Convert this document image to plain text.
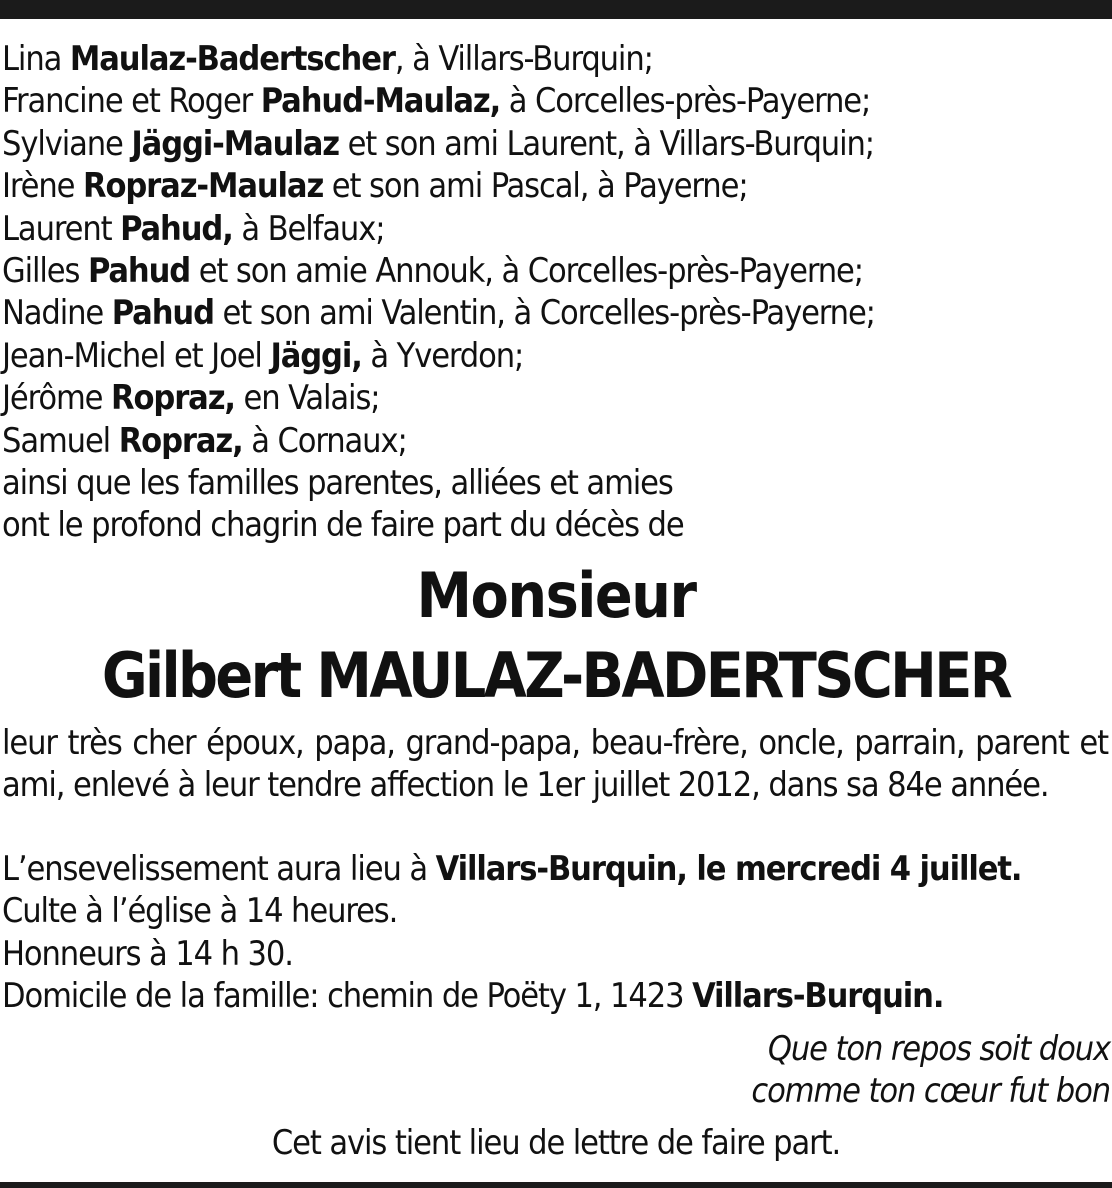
Lina Maulaz-Badertscher, à Villars-Burquin;
Francine et Roger Pahud-Maulaz, à Corcelles-près-Payerne;
Sylviane Jäggi-Maulaz et son ami Laurent, à Villars-Burquin;
Irène Ropraz-Maulaz et son ami Pascal, à Payerne;
Laurent Pahud, à Belfaux;
Gilles Pahud et son amie Annouk, à Corcelles-près-Payerne;
Nadine Pahud et son ami Valentin, à Corcelles-près-Payerne;
Jean-Michel et Joel Jäggi, à Yverdon;
Jérôme Ropraz, en Valais;
Samuel Ropraz, à Cornaux;
ainsi que les familles parentes, alliées et amies
ont le profond chagrin de faire part du décès de
Monsieur
Gilbert MAULAZ-BADERTSCHER
leur très cher époux, papa, grand-papa, beau-frère, oncle, parrain, parent et ami, enlevé à leur tendre affection le 1er juillet 2012, dans sa 84e année.
L’ensevelissement aura lieu à Villars-Burquin, le mercredi 4 juillet.
Culte à l’église à 14 heures.
Honneurs à 14 h 30.
Domicile de la famille: chemin de Poëty 1, 1423 Villars-Burquin.
Que ton repos soit doux
comme ton cœur fut bon
Cet avis tient lieu de lettre de faire part.
